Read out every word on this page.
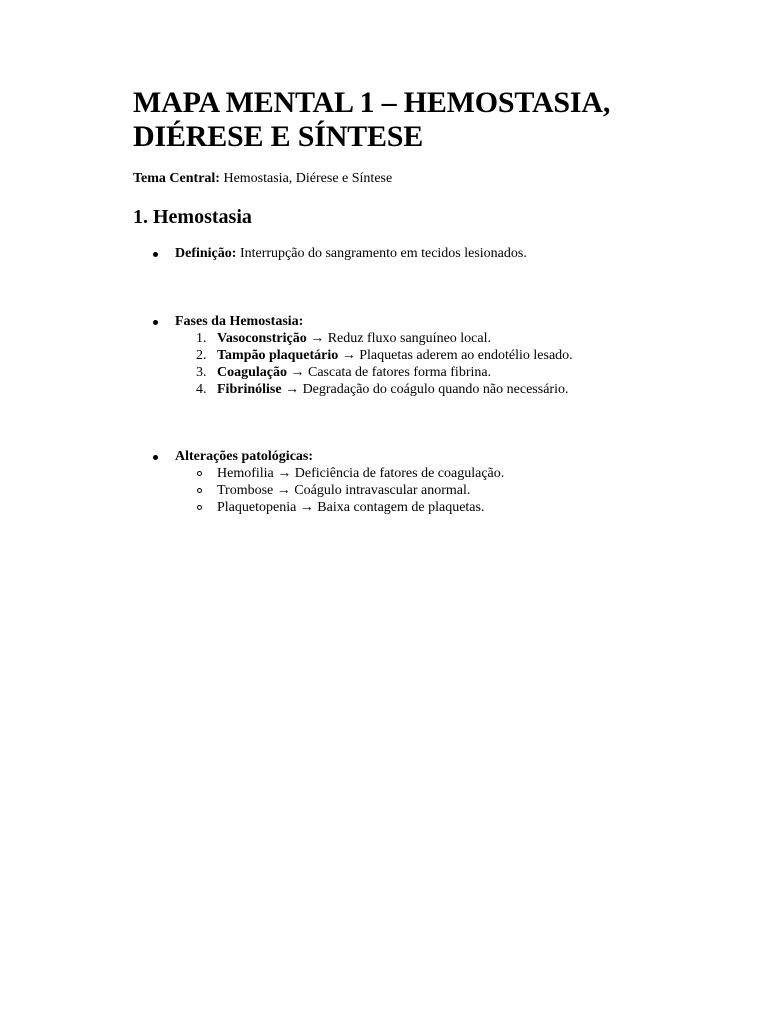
MAPA MENTAL 1 – HEMOSTASIA,
DIÉRESE E SÍNTESE
Tema Central: Hemostasia, Diérese e Síntese
1. Hemostasia
Definição: Interrupção do sangramento em tecidos lesionados.
Fases da Hemostasia:
1. Vasoconstrição → Reduz fluxo sanguíneo local.
2. Tampão plaquetário → Plaquetas aderem ao endotélio lesado.
3. Coagulação → Cascata de fatores forma fibrina.
4. Fibrinólise → Degradação do coágulo quando não necessário.
Alterações patológicas:
Hemofilia → Deficiência de fatores de coagulação.
Trombose → Coágulo intravascular anormal.
Plaquetopenia → Baixa contagem de plaquetas.
